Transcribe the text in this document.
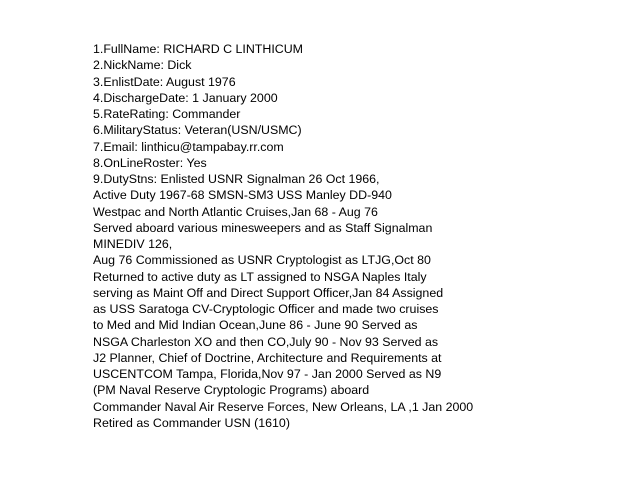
1.FullName: RICHARD C LINTHICUM
2.NickName: Dick
3.EnlistDate: August 1976
4.DischargeDate: 1 January 2000
5.RateRating: Commander
6.MilitaryStatus: Veteran(USN/USMC)
7.Email: linthicu@tampabay.rr.com
8.OnLineRoster: Yes
9.DutyStns: Enlisted USNR Signalman 26 Oct 1966,
Active Duty 1967-68 SMSN-SM3 USS Manley DD-940
Westpac and North Atlantic Cruises,Jan 68 - Aug 76
Served aboard various minesweepers and as Staff Signalman
MINEDIV 126,
Aug 76 Commissioned as USNR Cryptologist as LTJG,Oct 80
Returned to active duty as LT assigned to NSGA Naples Italy
serving as Maint Off and Direct Support Officer,Jan 84 Assigned
as USS Saratoga CV-Cryptologic Officer and made two cruises
to Med and Mid Indian Ocean,June 86 - June 90 Served as
NSGA Charleston XO and then CO,July 90 - Nov 93 Served as
J2 Planner, Chief of Doctrine, Architecture and Requirements at
USCENTCOM Tampa, Florida,Nov 97 - Jan 2000 Served as N9
(PM Naval Reserve Cryptologic Programs) aboard
Commander Naval Air Reserve Forces, New Orleans, LA ,1 Jan 2000
Retired as Commander USN (1610)
